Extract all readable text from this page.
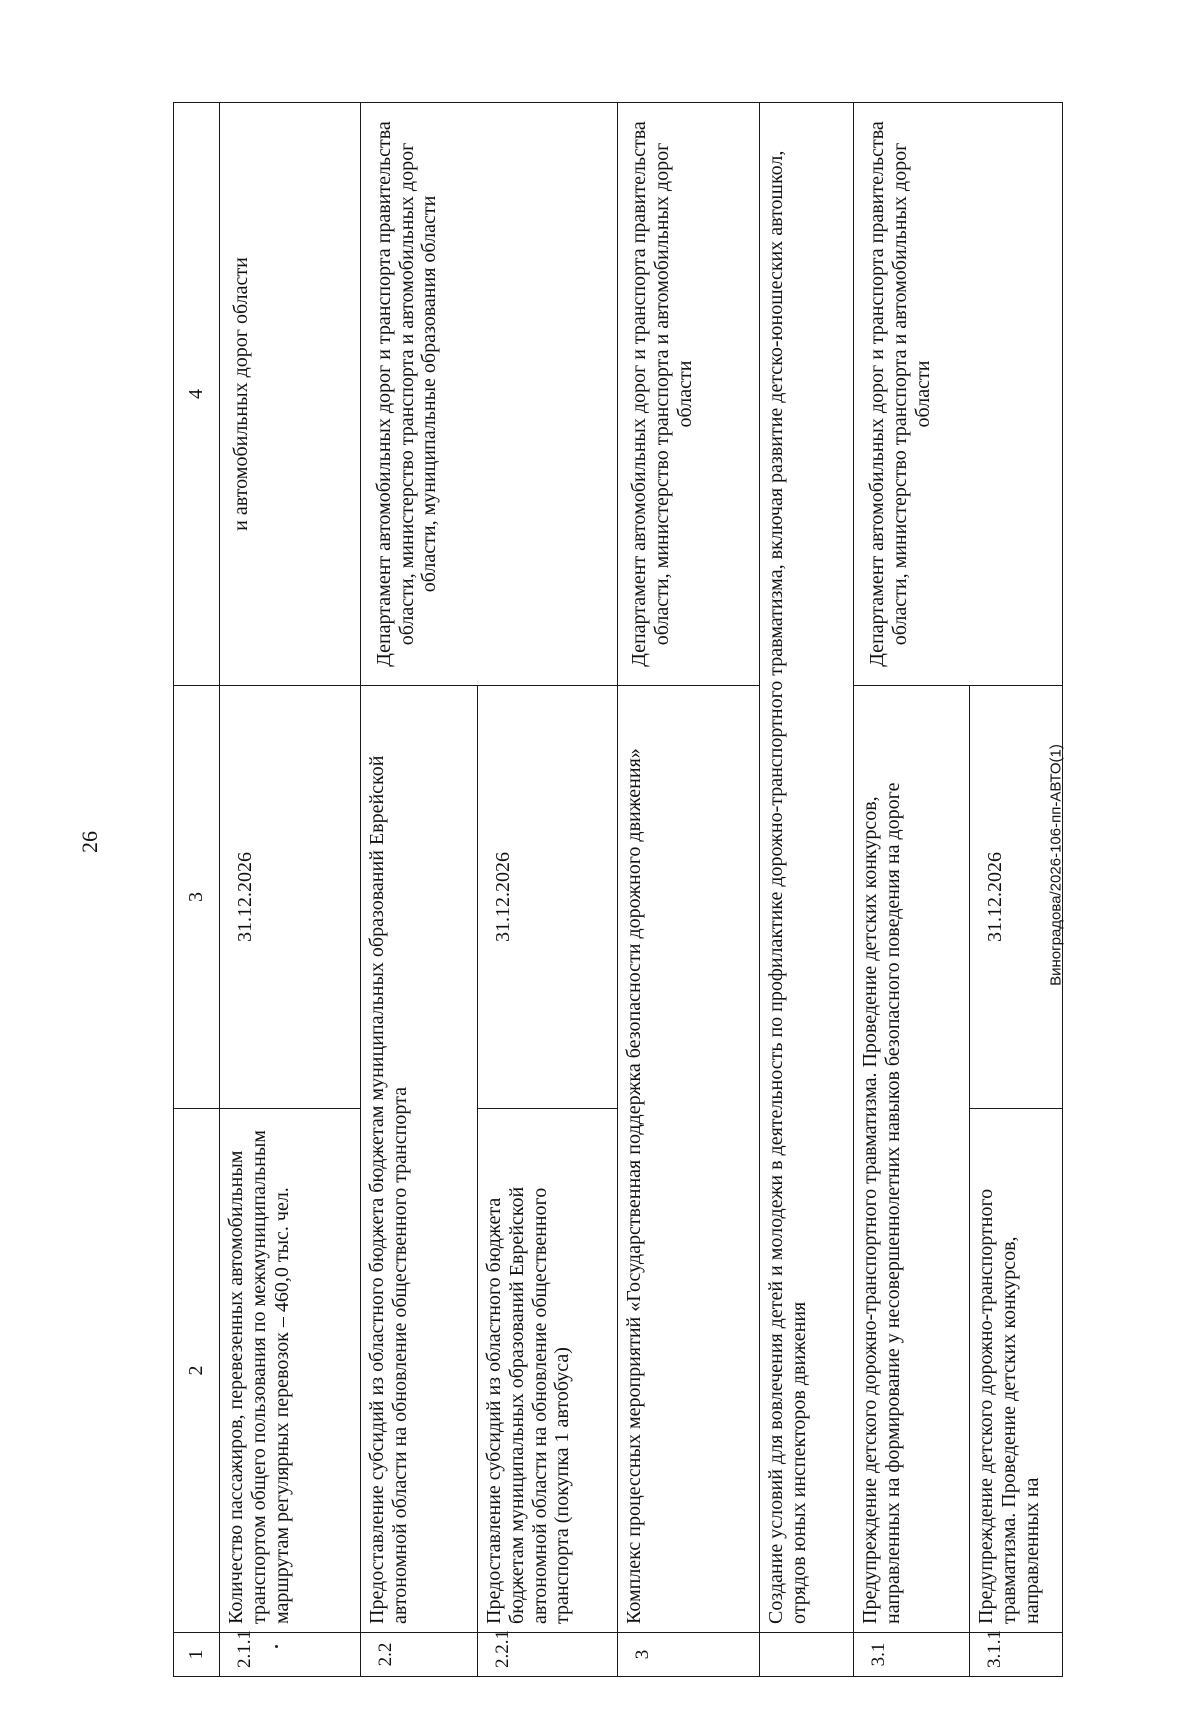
26
1	2	3	4
2.1.1	Количество пассажиров, перевезенных автомобильным транспортом общего пользования по межмуниципальным маршрутам регулярных перевозок – 460,0 тыс. чел.	31.12.2026	и автомобильных дорог области
2.2	Предоставление субсидий из областного бюджета бюджетам муниципальных образований Еврейской автономной области на обновление общественного транспорта		Департамент автомобильных дорог и транспорта правительства области, министерство транспорта и автомобильных дорог области, муниципальные образования области
2.2.1	Предоставление субсидий из областного бюджета бюджетам муниципальных образований Еврейской автономной области на обновление общественного транспорта (покупка 1 автобуса)	31.12.2026	
3	Комплекс процессных мероприятий «Государственная поддержка безопасности дорожного движения»		Департамент автомобильных дорог и транспорта правительства области, министерство транспорта и автомобильных дорог области
	Создание условий для вовлечения детей и молодежи в деятельность по профилактике дорожно-транспортного травматизма, включая развитие детско-юношеских автошкол, отрядов юных инспекторов движения		
3.1	Предупреждение детского дорожно-транспортного травматизма. Проведение детских конкурсов, направленных на формирование у несовершеннолетних навыков безопасного поведения на дороге		Департамент автомобильных дорог и транспорта правительства области, министерство транспорта и автомобильных дорог области
3.1.1	Предупреждение детского дорожно-транспортного травматизма. Проведение детских конкурсов, направленных на	31.12.2026		Виноградова/2026-106-пп-АВТО(1)
